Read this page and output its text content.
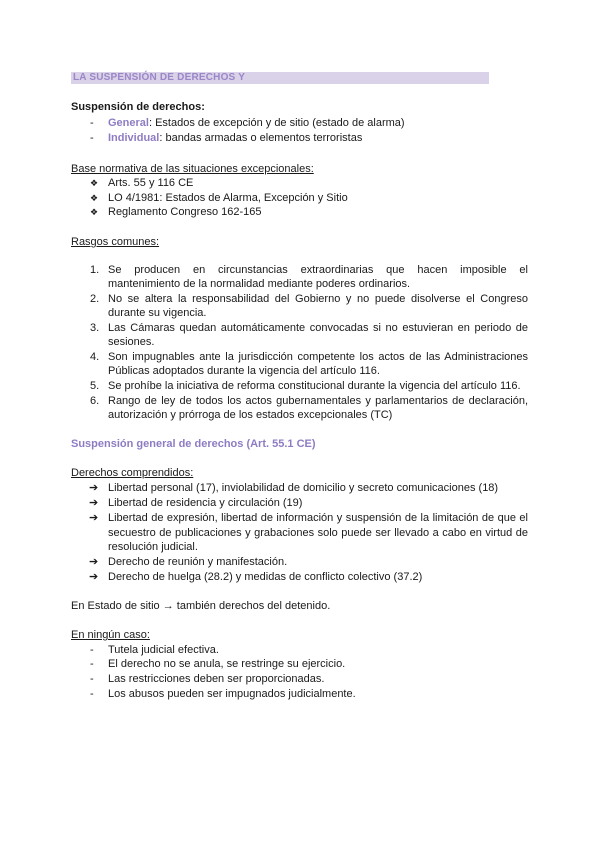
LA SUSPENSIÓN DE DERECHOS Y
Suspensión de derechos:
- General: Estados de excepción y de sitio (estado de alarma)
- Individual: bandas armadas o elementos terroristas
Base normativa de las situaciones excepcionales:
❖ Arts. 55 y 116 CE
❖ LO 4/1981: Estados de Alarma, Excepción y Sitio
❖ Reglamento Congreso 162-165
Rasgos comunes:
1. Se producen en circunstancias extraordinarias que hacen imposible el
mantenimiento de la normalidad mediante poderes ordinarios.
2. No se altera la responsabilidad del Gobierno y no puede disolverse el Congreso
durante su vigencia.
3. Las Cámaras quedan automáticamente convocadas si no estuvieran en periodo de
sesiones.
4. Son impugnables ante la jurisdicción competente los actos de las Administraciones
Públicas adoptados durante la vigencia del artículo 116.
5. Se prohíbe la iniciativa de reforma constitucional durante la vigencia del artículo 116.
6. Rango de ley de todos los actos gubernamentales y parlamentarios de declaración,
autorización y prórroga de los estados excepcionales (TC)
Suspensión general de derechos (Art. 55.1 CE)
Derechos comprendidos:
➔ Libertad personal (17), inviolabilidad de domicilio y secreto comunicaciones (18)
➔ Libertad de residencia y circulación (19)
➔ Libertad de expresión, libertad de información y suspensión de la limitación de que el
secuestro de publicaciones y grabaciones solo puede ser llevado a cabo en virtud de
resolución judicial.
➔ Derecho de reunión y manifestación.
➔ Derecho de huelga (28.2) y medidas de conflicto colectivo (37.2)
En Estado de sitio → también derechos del detenido.
En ningún caso:
- Tutela judicial efectiva.
- El derecho no se anula, se restringe su ejercicio.
- Las restricciones deben ser proporcionadas.
- Los abusos pueden ser impugnados judicialmente.
